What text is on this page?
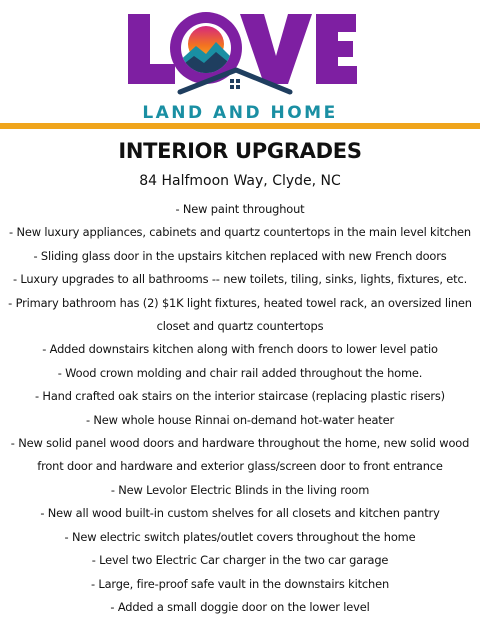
LAND AND HOME
INTERIOR UPGRADES

84 Halfmoon Way, Clyde, NC

- New paint throughout
- New luxury appliances, cabinets and quartz countertops in the main level kitchen
- Sliding glass door in the upstairs kitchen replaced with new French doors
- Luxury upgrades to all bathrooms -- new toilets, tiling, sinks, lights, fixtures, etc.
- Primary bathroom has (2) $1K light fixtures, heated towel rack, an oversized linen closet and quartz countertops
- Added downstairs kitchen along with french doors to lower level patio
- Wood crown molding and chair rail added throughout the home.
- Hand crafted oak stairs on the interior staircase (replacing plastic risers)
- New whole house Rinnai on-demand hot-water heater
- New solid panel wood doors and hardware throughout the home, new solid wood front door and hardware and exterior glass/screen door to front entrance
- New Levolor Electric Blinds in the living room
- New all wood built-in custom shelves for all closets and kitchen pantry
- New electric switch plates/outlet covers throughout the home
- Level two Electric Car charger in the two car garage
- Large, fire-proof safe vault in the downstairs kitchen
- Added a small doggie door on the lower level
